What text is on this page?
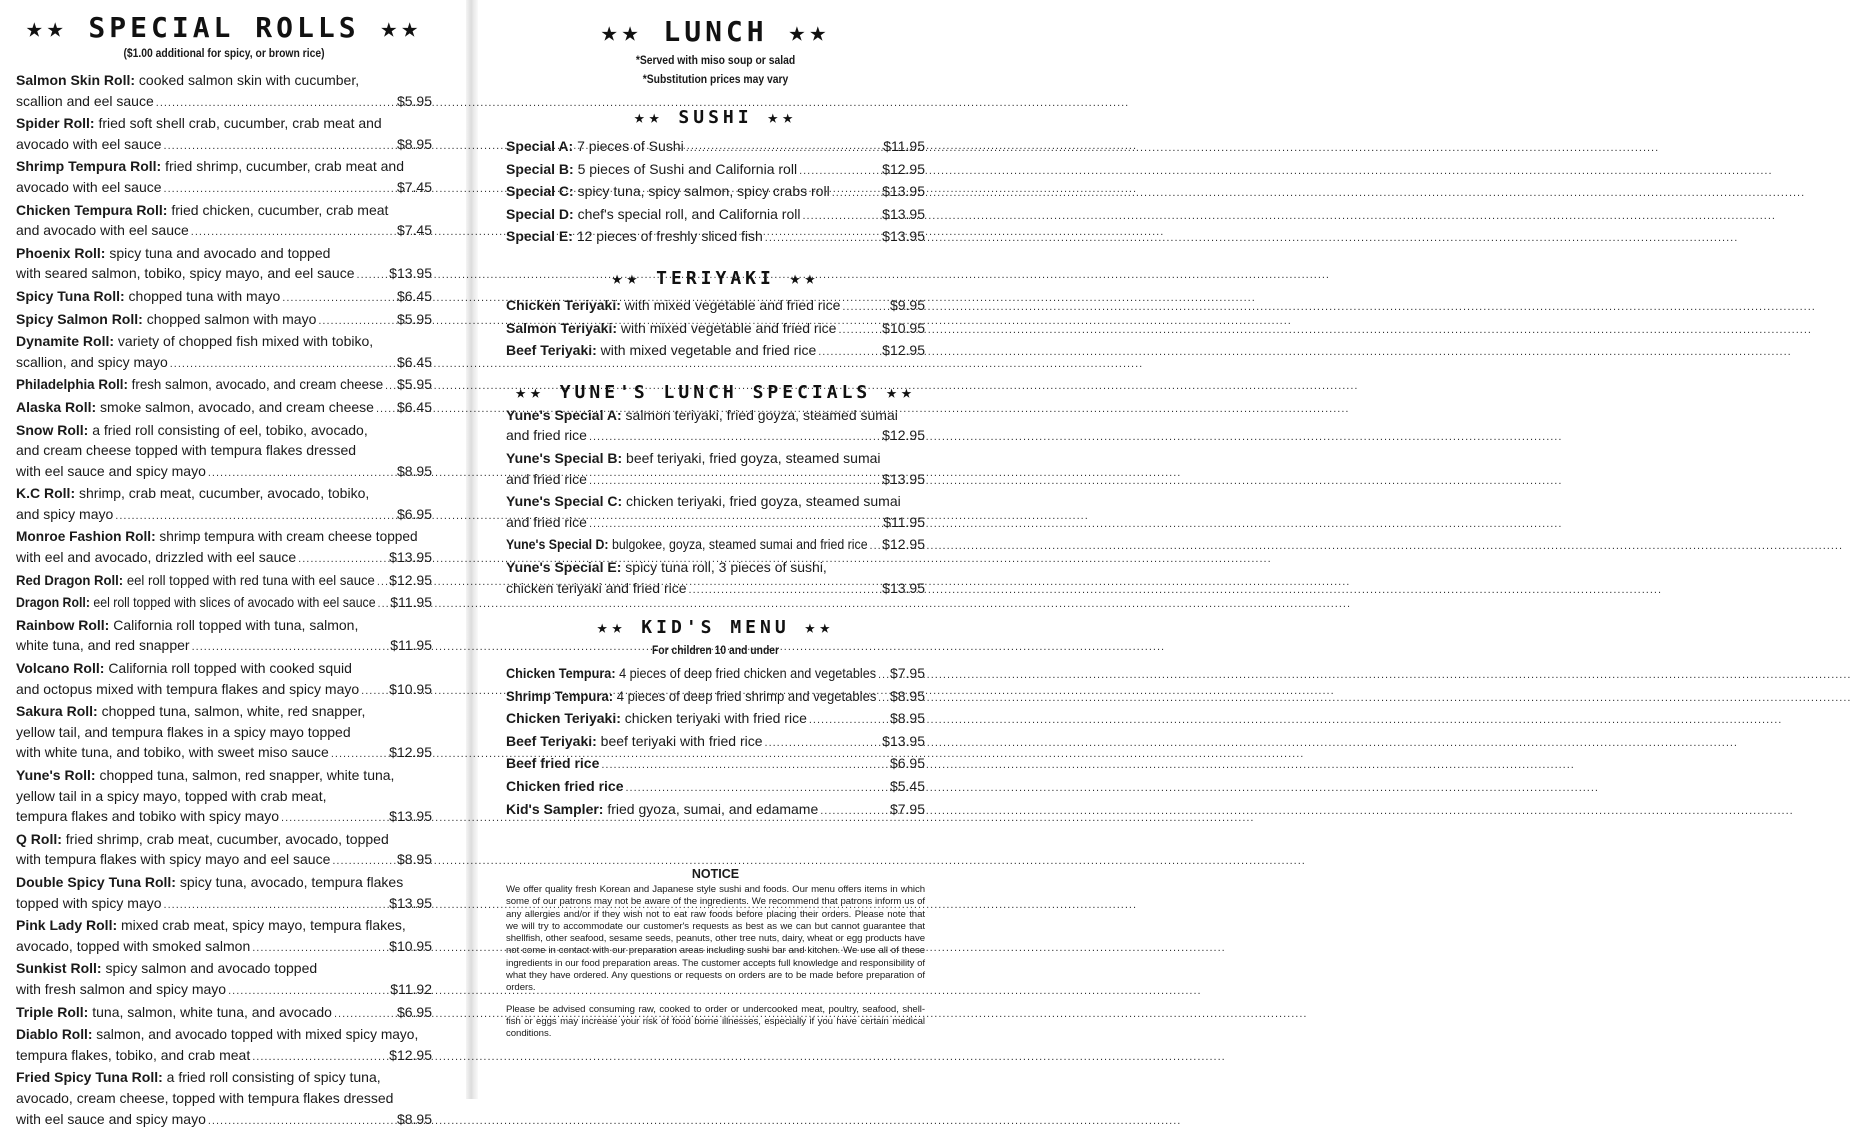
★★ SPECIAL ROLLS ★★
($1.00 additional for spicy, or brown rice)
Salmon Skin Roll: cooked salmon skin with cucumber,
scallion and eel sauce .....	$5.95
Spider Roll: fried soft shell crab, cucumber, crab meat and
avocado with eel sauce .....	$8.95
Shrimp Tempura Roll: fried shrimp, cucumber, crab meat and
avocado with eel sauce .....	$7.45
Chicken Tempura Roll: fried chicken, cucumber, crab meat
and avocado with eel sauce .....	$7.45
Phoenix Roll: spicy tuna and avocado and topped
with seared salmon, tobiko, spicy mayo, and eel sauce ..... $13.95
Spicy Tuna Roll: chopped tuna with mayo .....	$6.45
Spicy Salmon Roll: chopped salmon with mayo .....	$5.95
Dynamite Roll: variety of chopped fish mixed with tobiko,
scallion, and spicy mayo .....	$6.45
Philadelphia Roll: fresh salmon, avocado, and cream cheese ..... $5.95
Alaska Roll: smoke salmon, avocado, and cream cheese ..... $6.45
Snow Roll: a fried roll consisting of eel, tobiko, avocado,
and cream cheese topped with tempura flakes dressed
with eel sauce and spicy mayo .....	$8.95
K.C Roll: shrimp, crab meat, cucumber, avocado, tobiko,
and spicy mayo .....	$6.95
Monroe Fashion Roll: shrimp tempura with cream cheese topped
with eel and avocado, drizzled with eel sauce .....	$13.95
Red Dragon Roll: eel roll topped with red tuna with eel sauce ..... $12.95
Dragon Roll: eel roll topped with slices of avocado with eel sauce ..... $11.95
Rainbow Roll: California roll topped with tuna, salmon,
white tuna, and red snapper .....	$11.95
Volcano Roll: California roll topped with cooked squid
and octopus mixed with tempura flakes and spicy mayo ..... $10.95
Sakura Roll: chopped tuna, salmon, white, red snapper,
yellow tail, and tempura flakes in a spicy mayo topped
with white tuna, and tobiko, with sweet miso sauce .....	$12.95
Yune's Roll: chopped tuna, salmon, red snapper, white tuna,
yellow tail in a spicy mayo, topped with crab meat,
tempura flakes and tobiko with spicy mayo .....	$13.95
Q Roll: fried shrimp, crab meat, cucumber, avocado, topped
with tempura flakes with spicy mayo and eel sauce .....	$8.95
Double Spicy Tuna Roll: spicy tuna, avocado, tempura flakes
topped with spicy mayo .....	$13.95
Pink Lady Roll: mixed crab meat, spicy mayo, tempura flakes,
avocado, topped with smoked salmon .....	$10.95
Sunkist Roll: spicy salmon and avocado topped
with fresh salmon and spicy mayo .....	$11.92
Triple Roll: tuna, salmon, white tuna, and avocado .....	$6.95
Diablo Roll: salmon, and avocado topped with mixed spicy mayo,
tempura flakes, tobiko, and crab meat .....	$12.95
Fried Spicy Tuna Roll: a fried roll consisting of spicy tuna,
avocado, cream cheese, topped with tempura flakes dressed
with eel sauce and spicy mayo .....	$8.95
★★ LUNCH ★★
*Served with miso soup or salad
*Substitution prices may vary
★★ SUSHI ★★
Special A: 7 pieces of Sushi .....	$11.95
Special B: 5 pieces of Sushi and California roll .....	$12.95
Special C: spicy tuna, spicy salmon, spicy crabs roll .....	$13.95
Special D: chef's special roll, and California roll .....	$13.95
Special E: 12 pieces of freshly sliced fish .....	$13.95
★★ TERIYAKI ★★
Chicken Teriyaki: with mixed vegetable and fried rice .....	$9.95
Salmon Teriyaki: with mixed vegetable and fried rice .....	$10.95
Beef Teriyaki: with mixed vegetable and fried rice .....	$12.95
★★ YUNE'S LUNCH SPECIALS ★★
Yune's Special A: salmon teriyaki, fried goyza, steamed sumai
and fried rice .....	$12.95
Yune's Special B: beef teriyaki, fried goyza, steamed sumai
and fried rice .....	$13.95
Yune's Special C: chicken teriyaki, fried goyza, steamed sumai
and fried rice .....	$11.95
Yune's Special D: bulgokee, goyza, steamed sumai and fried rice ..... $12.95
Yune's Special E: spicy tuna roll, 3 pieces of sushi,
chicken teriyaki and fried rice .....	$13.95
★★ KID'S MENU ★★
For children 10 and under
Chicken Tempura: 4 pieces of deep fried chicken and vegetables ..... $7.95
Shrimp Tempura: 4 pieces of deep fried shrimp and vegetables ..... $8.95
Chicken Teriyaki: chicken teriyaki with fried rice .....	$8.95
Beef Teriyaki: beef teriyaki with fried rice .....	$13.95
Beef fried rice .....	$6.95
Chicken fried rice .....	$5.45
Kid's Sampler: fried gyoza, sumai, and edamame .....	$7.95
NOTICE

We offer quality fresh Korean and Japanese style sushi and foods. Our menu offers items in which some of our patrons may not be aware of the ingredients. We recommend that patrons inform us of any allergies and/or if they wish not to eat raw foods before placing their orders. Please note that we will try to accommodate our customer's requests as best as we can but cannot guarantee that shellfish, other seafood, sesame seeds, peanuts, other tree nuts, dairy, wheat or egg products have not come in contact with our preparation areas including sushi bar and kitchen. We use all of these ingredients in our food preparation areas. The customer accepts full knowledge and responsibility of what they have ordered. Any questions or requests on orders are to be made before preparation of orders.

Please be advised consuming raw, cooked to order or undercooked meat, poultry, seafood, shell-fish or eggs may increase your risk of food borne illnesses, especially if you have certain medical conditions.
